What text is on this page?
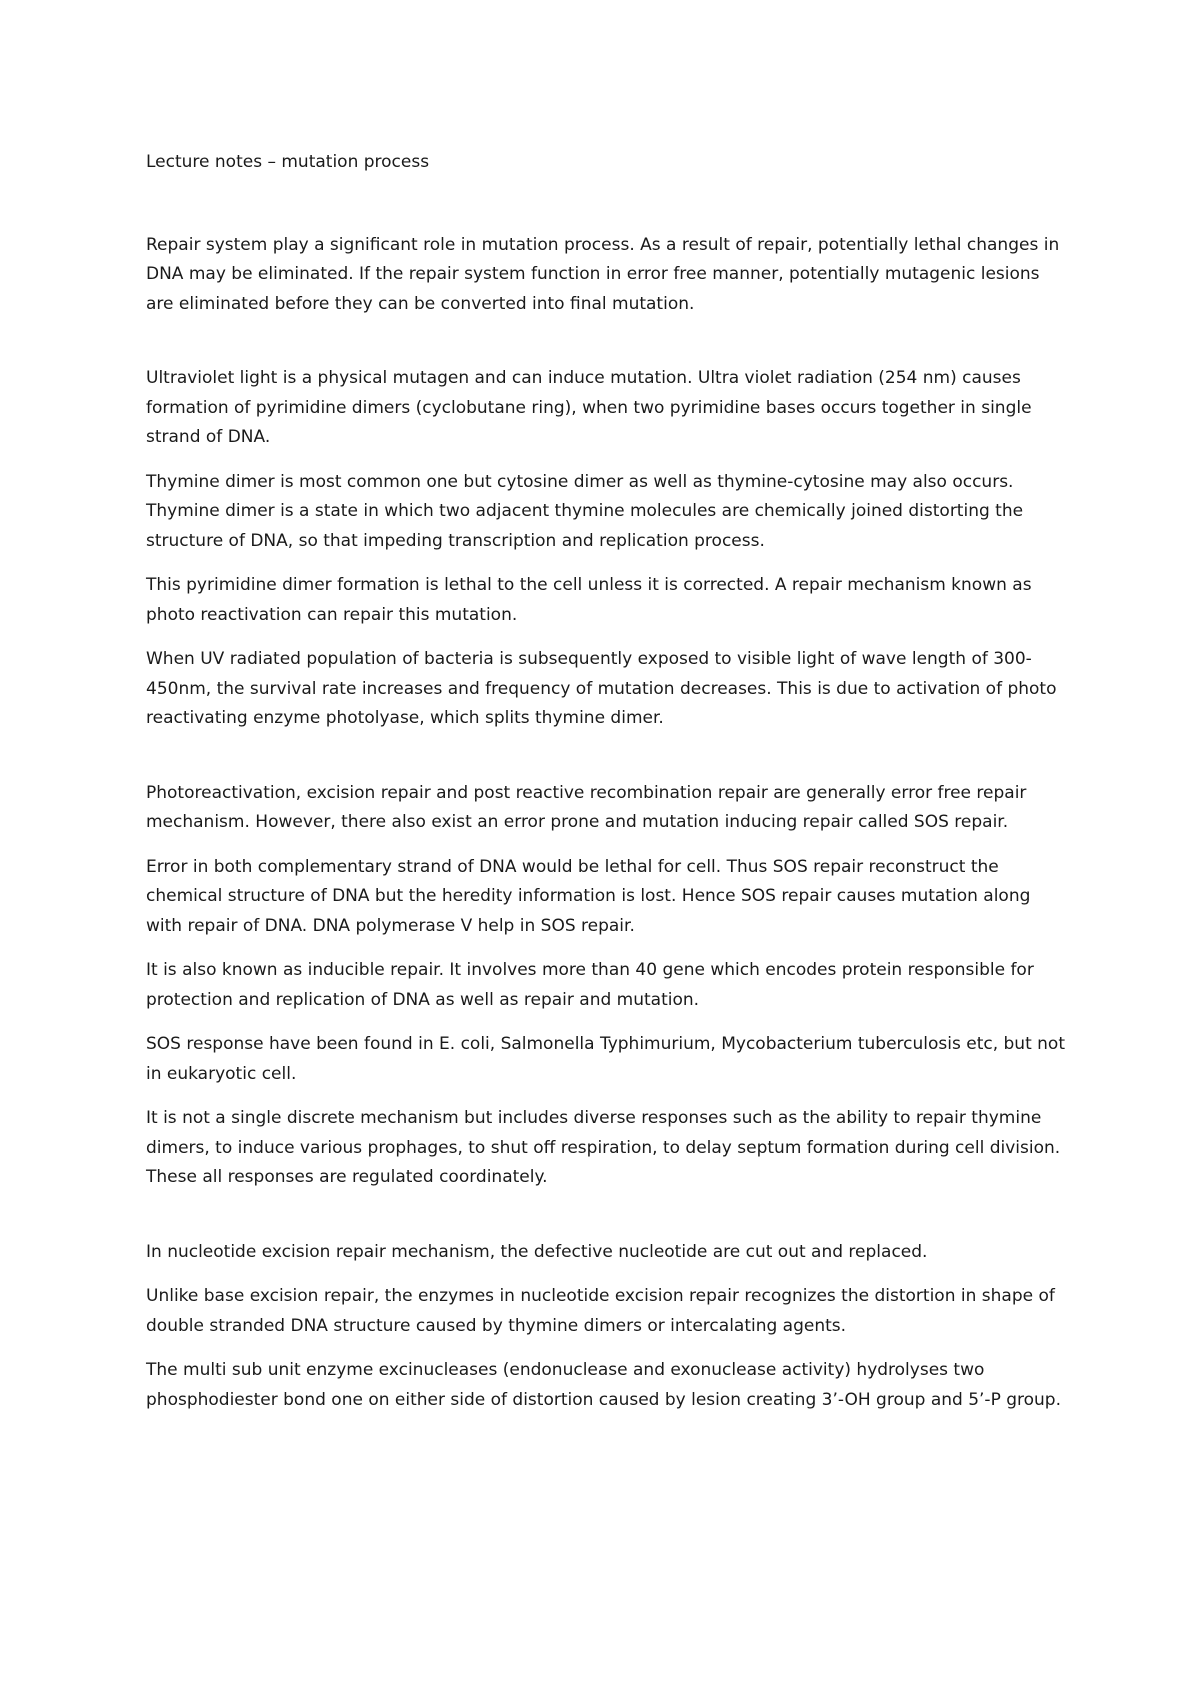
Lecture notes – mutation process

Repair system play a significant role in mutation process. As a result of repair, potentially lethal changes in DNA may be eliminated. If the repair system function in error free manner, potentially mutagenic lesions are eliminated before they can be converted into final mutation.

Ultraviolet light is a physical mutagen and can induce mutation. Ultra violet radiation (254 nm) causes formation of pyrimidine dimers (cyclobutane ring), when two pyrimidine bases occurs together in single strand of DNA.

Thymine dimer is most common one but cytosine dimer as well as thymine-cytosine may also occurs. Thymine dimer is a state in which two adjacent thymine molecules are chemically joined distorting the structure of DNA, so that impeding transcription and replication process.

This pyrimidine dimer formation is lethal to the cell unless it is corrected. A repair mechanism known as photo reactivation can repair this mutation.

When UV radiated population of bacteria is subsequently exposed to visible light of wave length of 300-450nm, the survival rate increases and frequency of mutation decreases. This is due to activation of photo reactivating enzyme photolyase, which splits thymine dimer.

Photoreactivation, excision repair and post reactive recombination repair are generally error free repair mechanism. However, there also exist an error prone and mutation inducing repair called SOS repair.

Error in both complementary strand of DNA would be lethal for cell. Thus SOS repair reconstruct the chemical structure of DNA but the heredity information is lost. Hence SOS repair causes mutation along with repair of DNA. DNA polymerase V help in SOS repair.

It is also known as inducible repair. It involves more than 40 gene which encodes protein responsible for protection and replication of DNA as well as repair and mutation.

SOS response have been found in E. coli, Salmonella Typhimurium, Mycobacterium tuberculosis etc, but not in eukaryotic cell.

It is not a single discrete mechanism but includes diverse responses such as the ability to repair thymine dimers, to induce various prophages, to shut off respiration, to delay septum formation during cell division. These all responses are regulated coordinately.

In nucleotide excision repair mechanism, the defective nucleotide are cut out and replaced.

Unlike base excision repair, the enzymes in nucleotide excision repair recognizes the distortion in shape of double stranded DNA structure caused by thymine dimers or intercalating agents.

The multi sub unit enzyme excinucleases (endonuclease and exonuclease activity) hydrolyses two phosphodiester bond one on either side of distortion caused by lesion creating 3’-OH group and 5’-P group.
